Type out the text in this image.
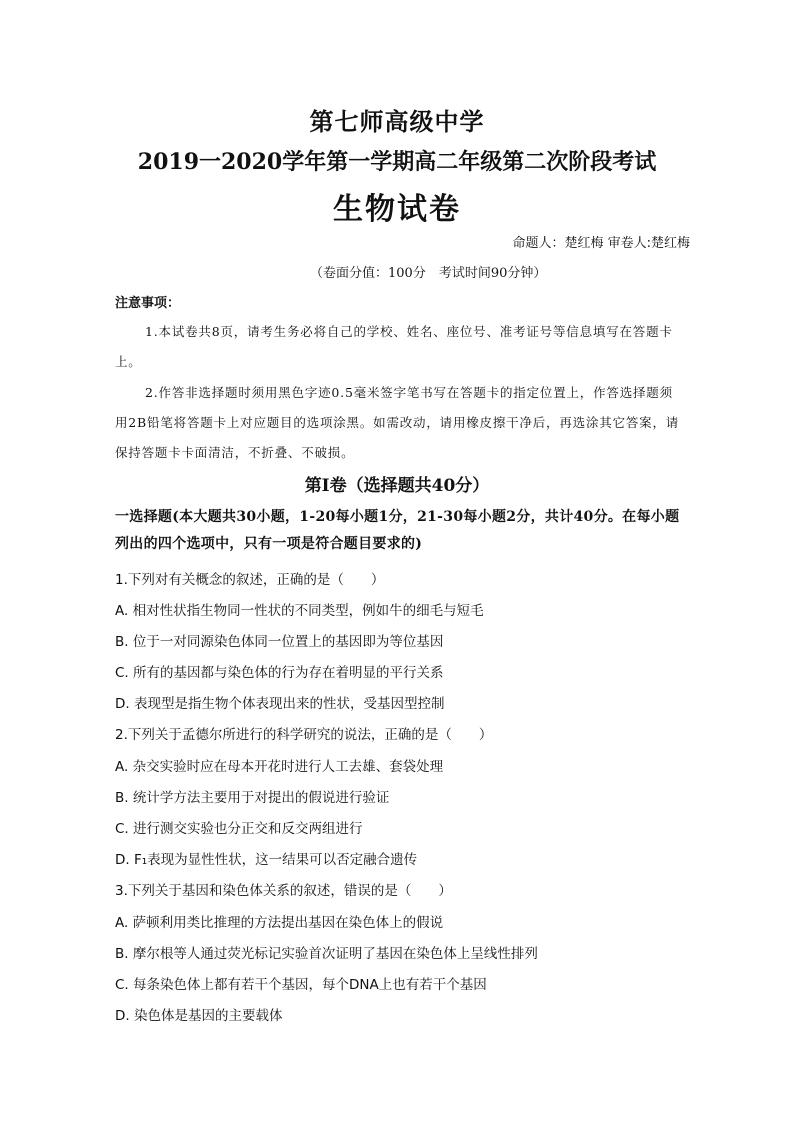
第七师高级中学
2019一2020学年第一学期高二年级第二次阶段考试
生物试卷
命题人：楚红梅 审卷人:楚红梅
（卷面分值：100分　考试时间90分钟）
注意事项：
1.本试卷共8页，请考生务必将自己的学校、姓名、座位号、准考证号等信息填写在答题卡上。
2.作答非选择题时须用黑色字迹0.5毫米签字笔书写在答题卡的指定位置上，作答选择题须用2B铅笔将答题卡上对应题目的选项涂黑。如需改动，请用橡皮擦干净后，再选涂其它答案，请保持答题卡卡面清洁，不折叠、不破损。
第Ⅰ卷（选择题共40分）
一选择题(本大题共30小题，1-20每小题1分，21-30每小题2分，共计40分。在每小题列出的四个选项中，只有一项是符合题目要求的)
1.下列对有关概念的叙述，正确的是（　　）
A. 相对性状指生物同一性状的不同类型，例如牛的细毛与短毛
B. 位于一对同源染色体同一位置上的基因即为等位基因
C. 所有的基因都与染色体的行为存在着明显的平行关系
D. 表现型是指生物个体表现出来的性状，受基因型控制
2.下列关于孟德尔所进行的科学研究的说法，正确的是（　　）
A. 杂交实验时应在母本开花时进行人工去雄、套袋处理
B. 统计学方法主要用于对提出的假说进行验证
C. 进行测交实验也分正交和反交两组进行
D. F₁表现为显性性状，这一结果可以否定融合遗传
3.下列关于基因和染色体关系的叙述，错误的是（　　）
A. 萨顿利用类比推理的方法提出基因在染色体上的假说
B. 摩尔根等人通过荧光标记实验首次证明了基因在染色体上呈线性排列
C. 每条染色体上都有若干个基因，每个DNA上也有若干个基因
D. 染色体是基因的主要载体
